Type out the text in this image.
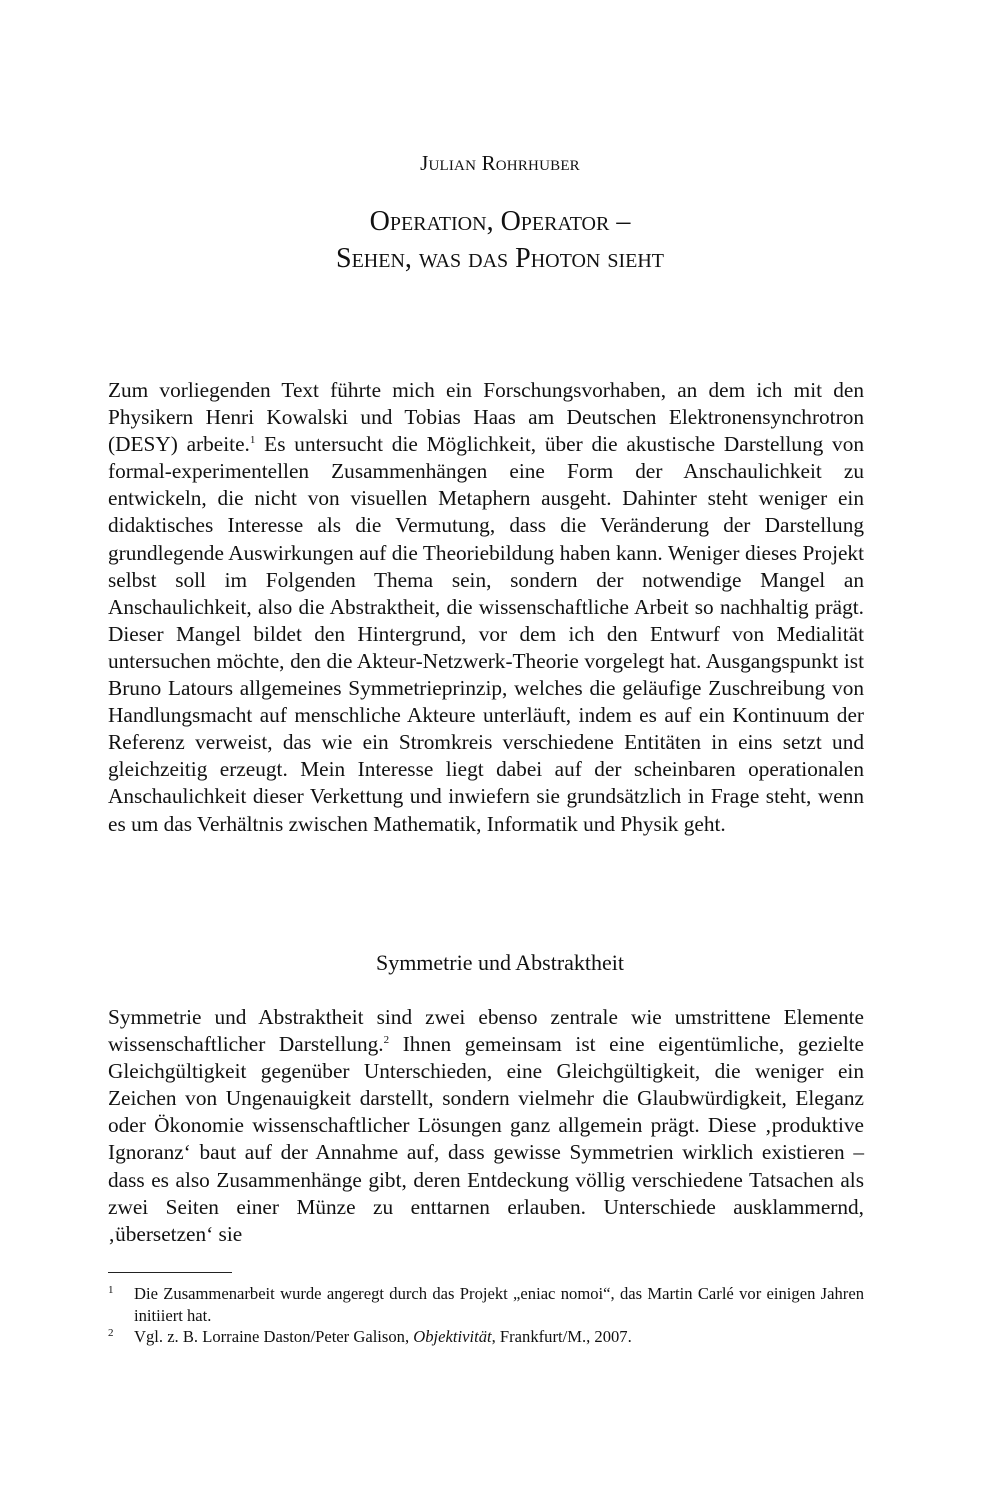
Julian Rohrhuber
Operation, Operator –
Sehen, was das Photon sieht
Zum vorliegenden Text führte mich ein Forschungsvorhaben, an dem ich mit den Physikern Henri Kowalski und Tobias Haas am Deutschen Elektronensynchrotron (DESY) arbeite.$^1$ Es untersucht die Möglichkeit, über die akustische Darstellung von formal-experimentellen Zusammenhängen eine Form der Anschaulichkeit zu entwickeln, die nicht von visuellen Metaphern ausgeht. Dahinter steht weniger ein didaktisches Interesse als die Vermutung, dass die Veränderung der Darstellung grundlegende Auswirkungen auf die Theoriebildung haben kann. Weniger dieses Projekt selbst soll im Folgenden Thema sein, sondern der notwendige Mangel an Anschaulichkeit, also die Abstraktheit, die wissenschaftliche Arbeit so nachhaltig prägt. Dieser Mangel bildet den Hintergrund, vor dem ich den Entwurf von Medialität untersuchen möchte, den die Akteur-Netzwerk-Theorie vorgelegt hat. Ausgangspunkt ist Bruno Latours allgemeines Symmetrieprinzip, welches die geläufige Zuschreibung von Handlungsmacht auf menschliche Akteure unterläuft, indem es auf ein Kontinuum der Referenz verweist, das wie ein Stromkreis verschiedene Entitäten in eins setzt und gleichzeitig erzeugt. Mein Interesse liegt dabei auf der scheinbaren operationalen Anschaulichkeit dieser Verkettung und inwiefern sie grundsätzlich in Frage steht, wenn es um das Verhältnis zwischen Mathematik, Informatik und Physik geht.
Symmetrie und Abstraktheit
Symmetrie und Abstraktheit sind zwei ebenso zentrale wie umstrittene Elemente wissenschaftlicher Darstellung.$^2$ Ihnen gemeinsam ist eine eigentümliche, gezielte Gleichgültigkeit gegenüber Unterschieden, eine Gleichgültigkeit, die weniger ein Zeichen von Ungenauigkeit darstellt, sondern vielmehr die Glaubwürdigkeit, Eleganz oder Ökonomie wissenschaftlicher Lösungen ganz allgemein prägt. Diese ‚produktive Ignoranz‘ baut auf der Annahme auf, dass gewisse Symmetrien wirklich existieren – dass es also Zusammenhänge gibt, deren Entdeckung völlig verschiedene Tatsachen als zwei Seiten einer Münze zu enttarnen erlauben. Unterschiede ausklammernd, ‚übersetzen‘ sie
1 Die Zusammenarbeit wurde angeregt durch das Projekt „eniac nomoi“, das Martin Carlé vor einigen Jahren initiiert hat.
2 Vgl. z. B. Lorraine Daston/Peter Galison, Objektivität, Frankfurt/M., 2007.
